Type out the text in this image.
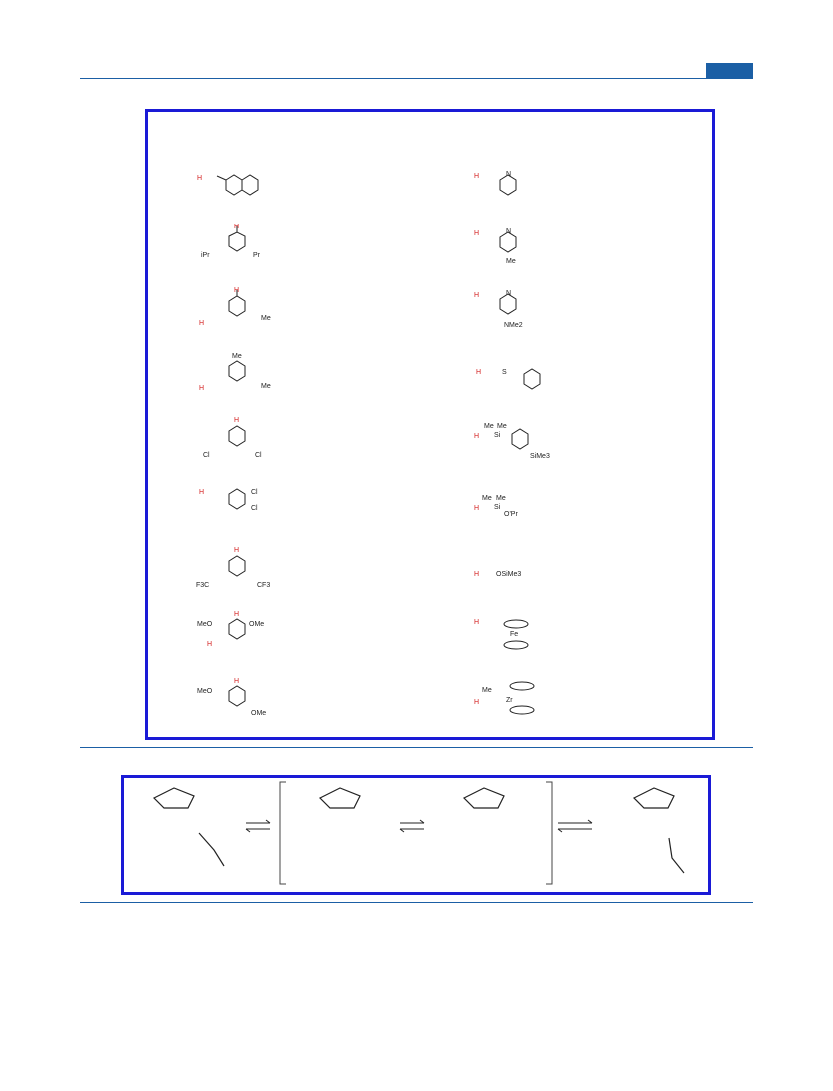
H
H
iPr	Pr
H
H
Me
Me
H	Me
H
Cl	Cl
H	Cl
Cl
H
F3C	CF3
H
MeO	OMe
H
H
MeO
OMe
H	N
H	N
Me
H	N
NMe2
H	S
Me Me
H Si
SiMe3
Me Me
H Si
O'Pr
H OSiMe3
H
Fe
Me
H	Zr
